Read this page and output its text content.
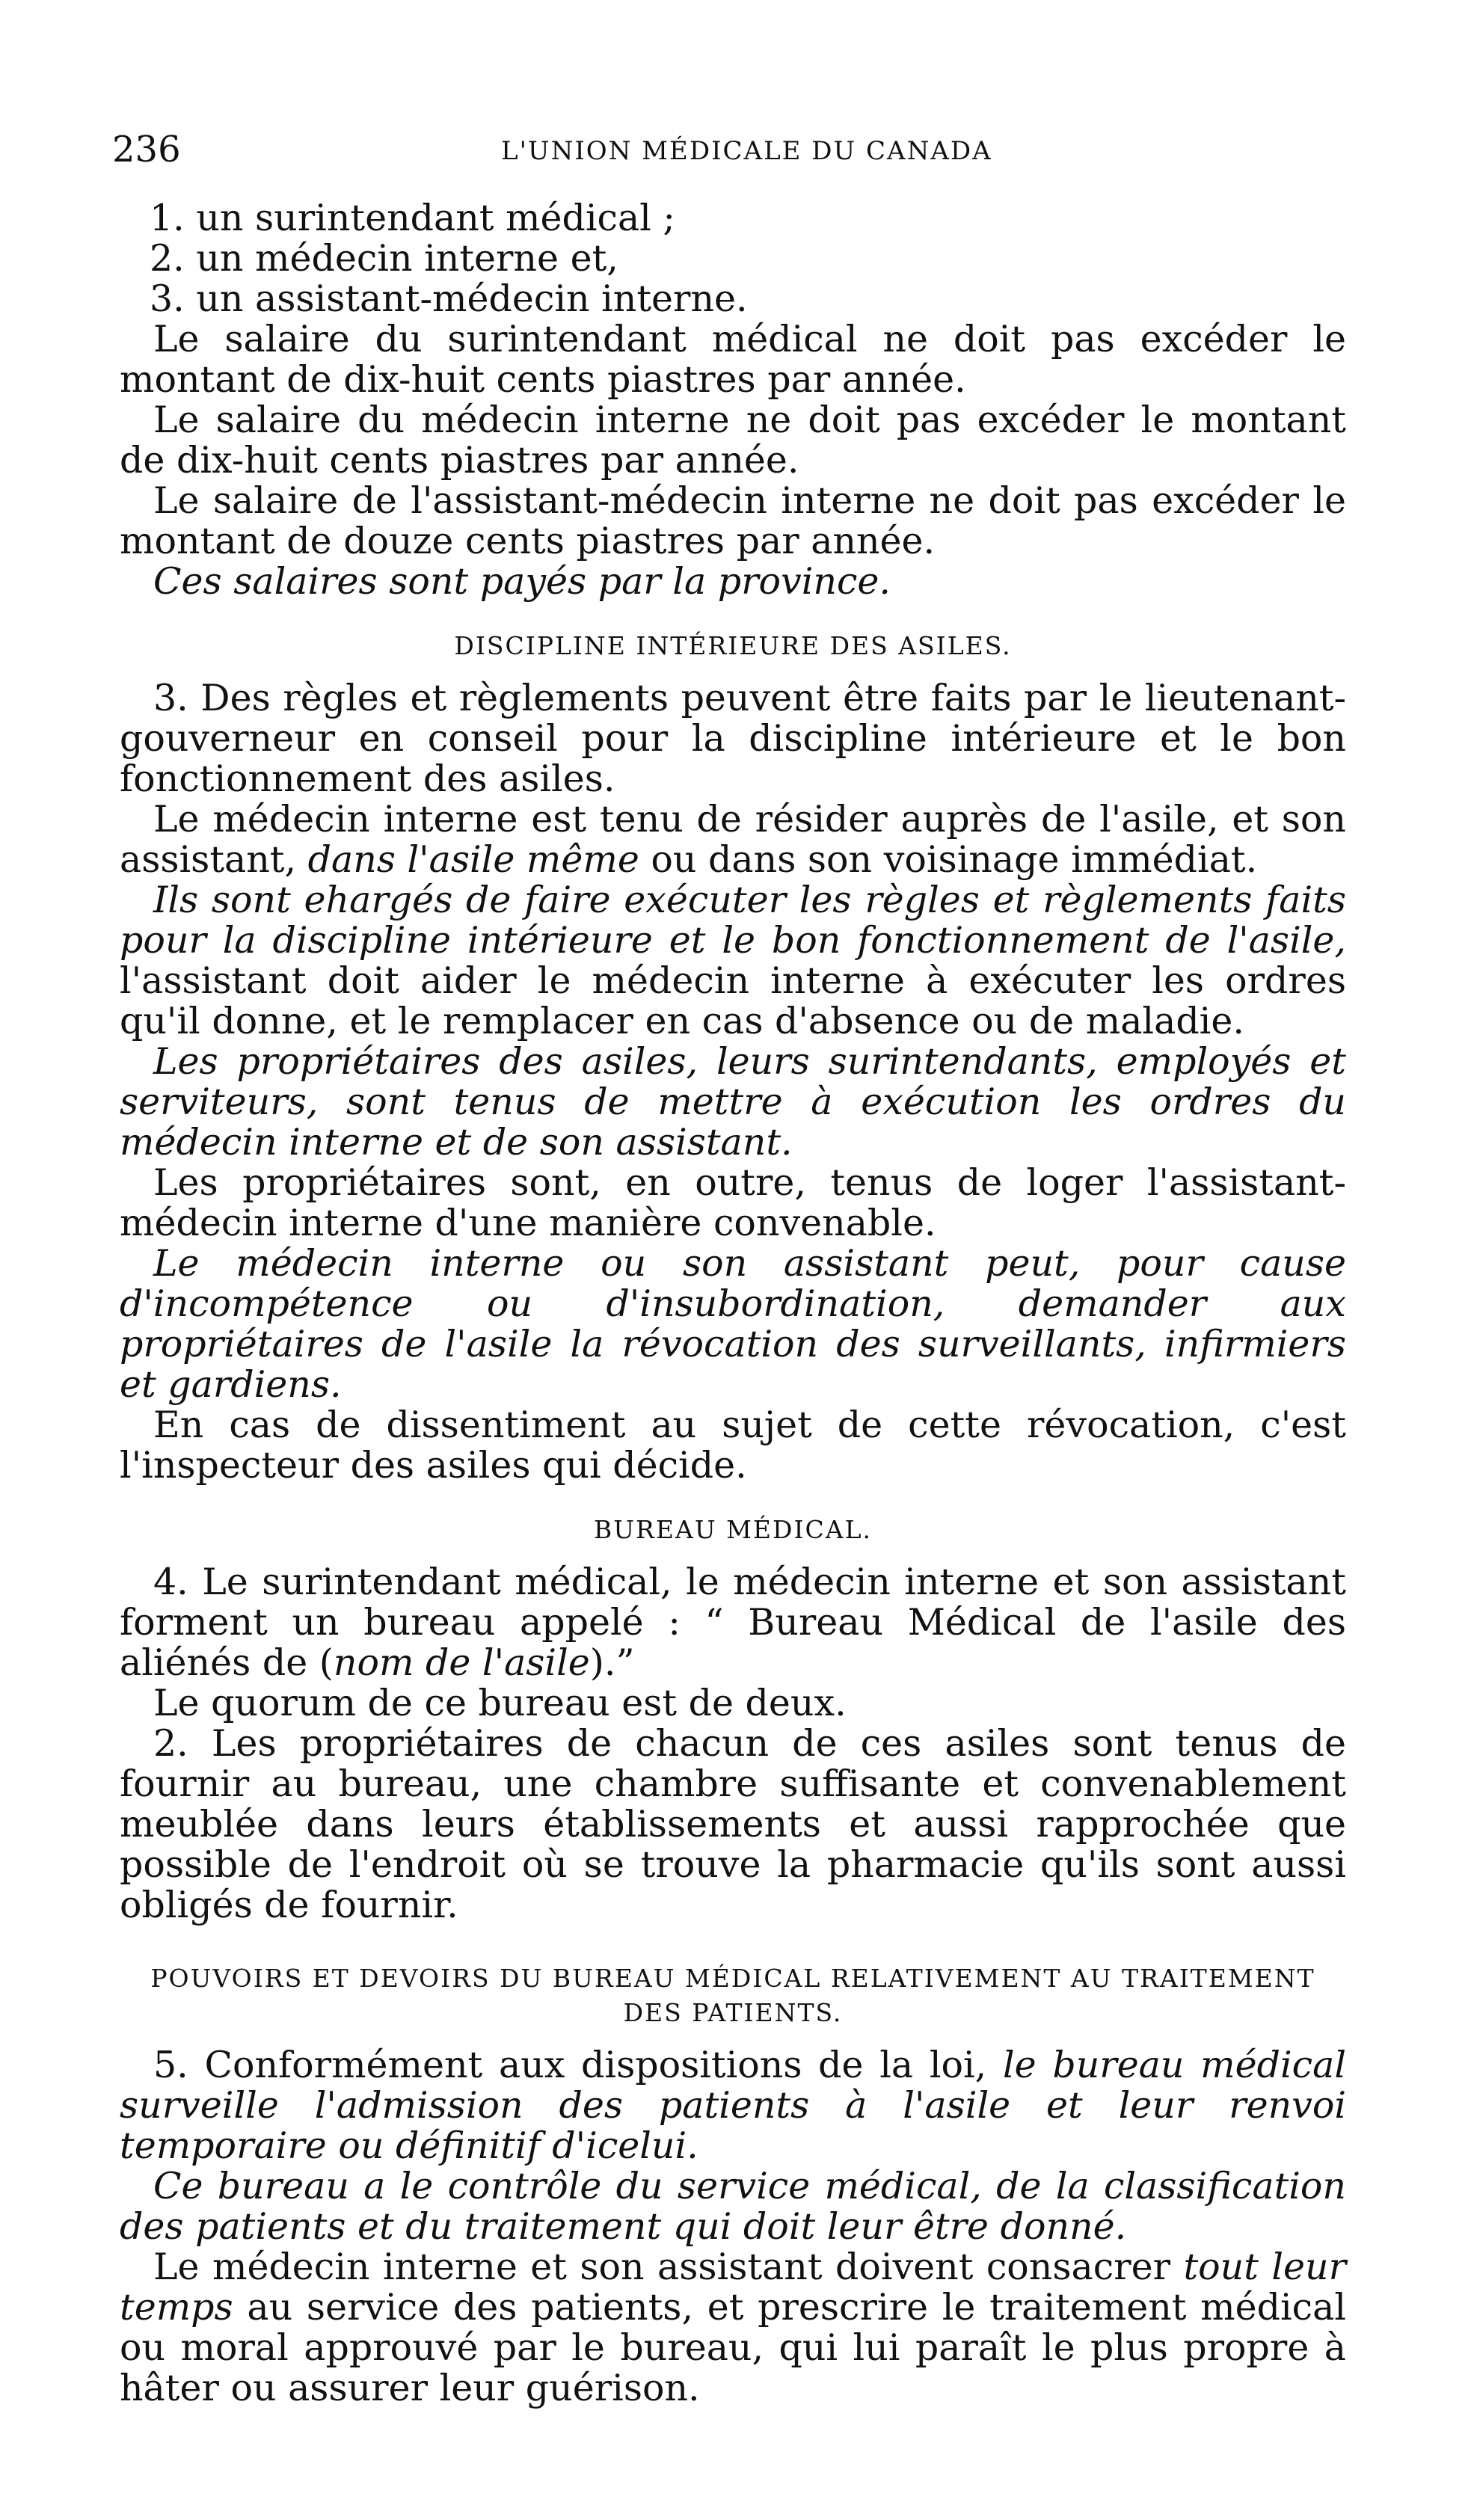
236	L'UNION MÉDICALE DU CANADA

1. un surintendant médical ;

2. un médecin interne et,

3. un assistant-médecin interne.

Le salaire du surintendant médical ne doit pas excéder le montant de dix-huit cents piastres par année.

Le salaire du médecin interne ne doit pas excéder le montant de dix-huit cents piastres par année.

Le salaire de l'assistant-médecin interne ne doit pas excéder le montant de douze cents piastres par année.

Ces salaires sont payés par la province.

DISCIPLINE INTÉRIEURE DES ASILES.

3. Des règles et règlements peuvent être faits par le lieutenant-gouverneur en conseil pour la discipline intérieure et le bon fonctionnement des asiles.

Le médecin interne est tenu de résider auprès de l'asile, et son assistant, dans l'asile même ou dans son voisinage immédiat.

Ils sont ehargés de faire exécuter les règles et règlements faits pour la discipline intérieure et le bon fonctionnement de l'asile, l'assistant doit aider le médecin interne à exécuter les ordres qu'il donne, et le remplacer en cas d'absence ou de maladie.

Les propriétaires des asiles, leurs surintendants, employés et serviteurs, sont tenus de mettre à exécution les ordres du médecin interne et de son assistant.

Les propriétaires sont, en outre, tenus de loger l'assistant- médecin interne d'une manière convenable.

Le médecin interne ou son assistant peut, pour cause d'incompétence ou d'insubordination, demander aux propriétaires de l'asile la révocation des surveillants, infirmiers et gardiens.

En cas de dissentiment au sujet de cette révocation, c'est l'inspecteur des asiles qui décide.

BUREAU MÉDICAL.

4. Le surintendant médical, le médecin interne et son assistant forment un bureau appelé : “ Bureau Médical de l'asile des aliénés de (nom de l'asile).”

Le quorum de ce bureau est de deux.

2. Les propriétaires de chacun de ces asiles sont tenus de fournir au bureau, une chambre suffisante et convenablement meublée dans leurs établissements et aussi rapprochée que possible de l'endroit où se trouve la pharmacie qu'ils sont aussi obligés de fournir.

POUVOIRS ET DEVOIRS DU BUREAU MÉDICAL RELATIVEMENT AU TRAITEMENT
DES PATIENTS.

5. Conformément aux dispositions de la loi, le bureau médical surveille l'admission des patients à l'asile et leur renvoi temporaire ou définitif d'icelui.

Ce bureau a le contrôle du service médical, de la classification des patients et du traitement qui doit leur être donné.

Le médecin interne et son assistant doivent consacrer tout leur temps au service des patients, et prescrire le traitement médical ou moral approuvé par le bureau, qui lui paraît le plus propre à hâter ou assurer leur guérison.
